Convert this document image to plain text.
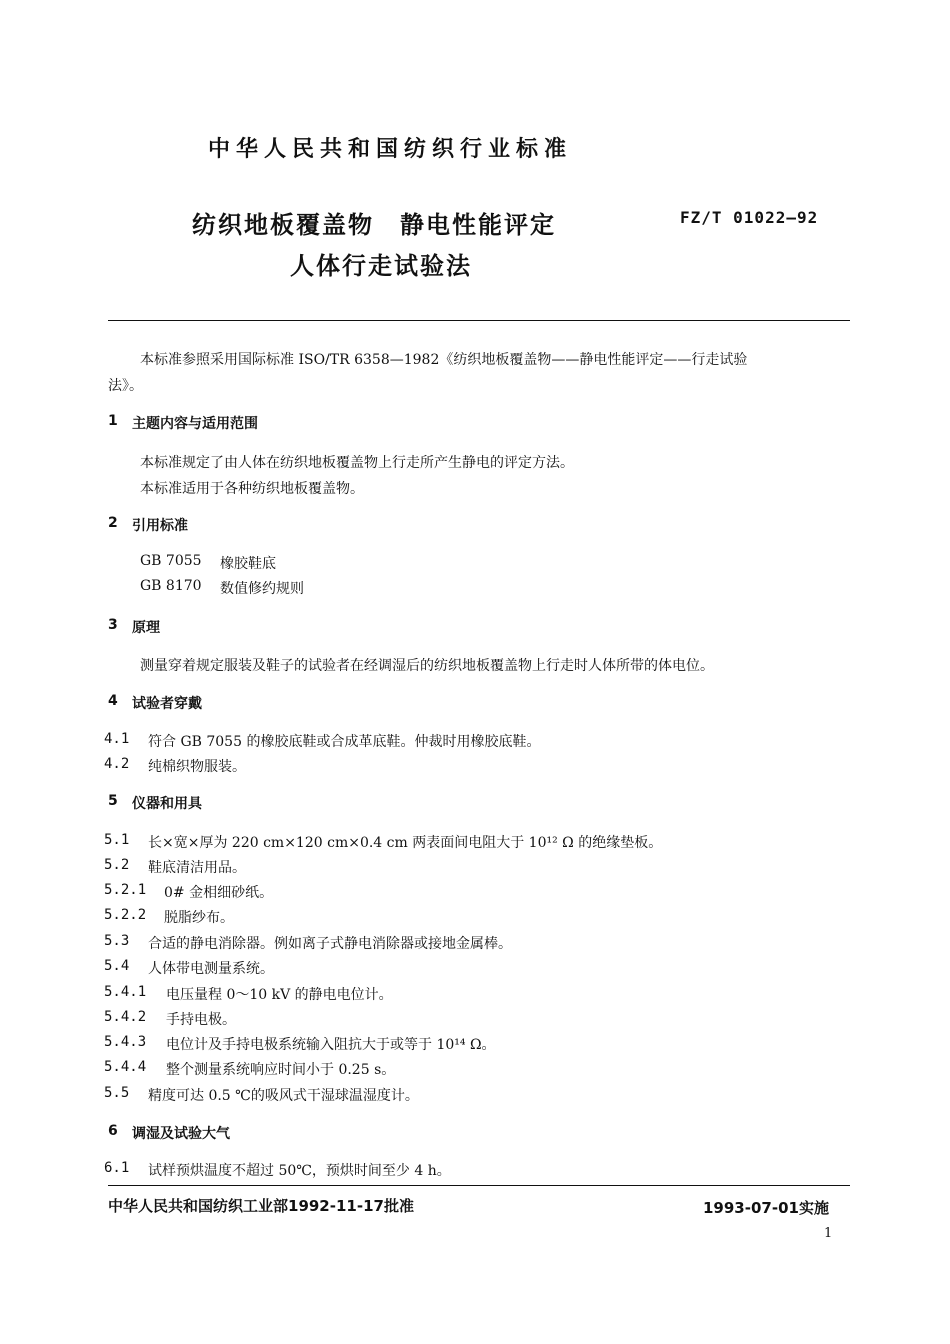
中华人民共和国纺织行业标准
纺织地板覆盖物　静电性能评定
人体行走试验法
FZ/T 01022—92
本标准参照采用国际标准 ISO/TR 6358—1982《纺织地板覆盖物——静电性能评定——行走试验
法》。
1 主题内容与适用范围
本标准规定了由人体在纺织地板覆盖物上行走所产生静电的评定方法。
本标准适用于各种纺织地板覆盖物。
2 引用标准
GB 7055 橡胶鞋底
GB 8170 数值修约规则
3 原理
测量穿着规定服装及鞋子的试验者在经调湿后的纺织地板覆盖物上行走时人体所带的体电位。
4 试验者穿戴
4.1 符合 GB 7055 的橡胶底鞋或合成革底鞋。仲裁时用橡胶底鞋。
4.2 纯棉织物服装。
5 仪器和用具
5.1 长×宽×厚为 220 cm×120 cm×0.4 cm 两表面间电阻大于 10¹² Ω 的绝缘垫板。
5.2 鞋底清洁用品。
5.2.1 0# 金相细砂纸。
5.2.2 脱脂纱布。
5.3 合适的静电消除器。例如离子式静电消除器或接地金属棒。
5.4 人体带电测量系统。
5.4.1 电压量程 0～10 kV 的静电电位计。
5.4.2 手持电极。
5.4.3 电位计及手持电极系统输入阻抗大于或等于 10¹⁴ Ω。
5.4.4 整个测量系统响应时间小于 0.25 s。
5.5 精度可达 0.5 ℃的吸风式干湿球温湿度计。
6 调湿及试验大气
6.1 试样预烘温度不超过 50℃，预烘时间至少 4 h。
中华人民共和国纺织工业部1992-11-17批准	1993-07-01实施
1
